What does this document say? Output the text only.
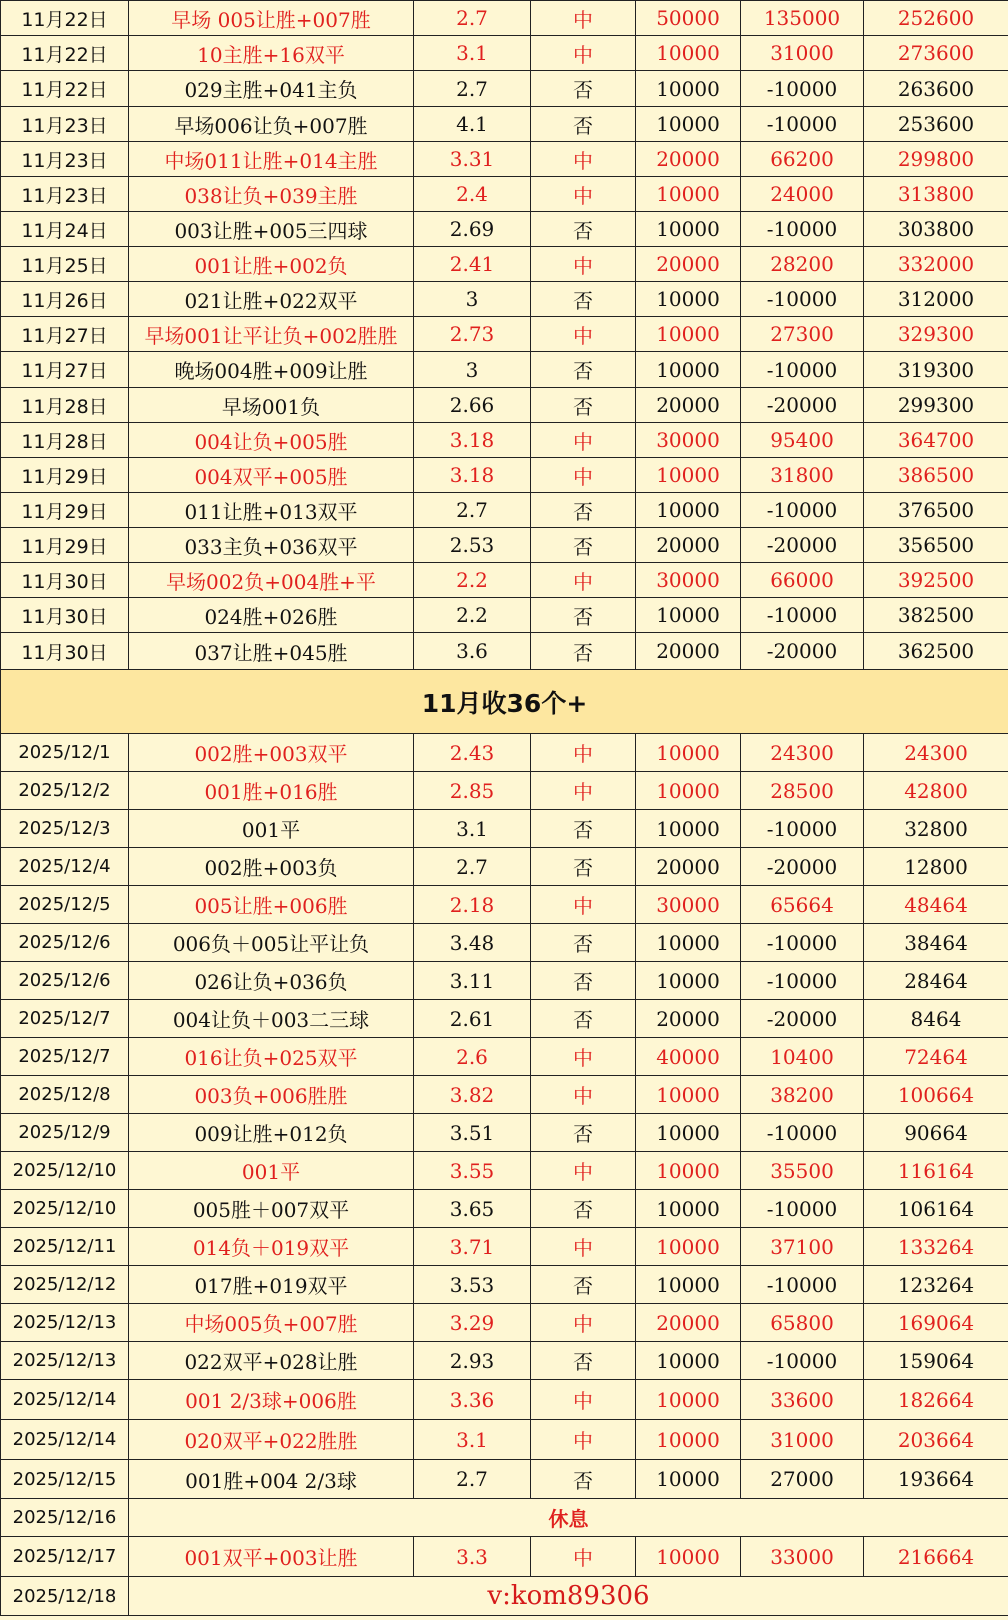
11月22日	早场 005让胜+007胜	2.7	中	50000	135000	252600
11月22日	10主胜+16双平	3.1	中	10000	31000	273600
11月22日	029主胜+041主负	2.7	否	10000	-10000	263600
11月23日	早场006让负+007胜	4.1	否	10000	-10000	253600
11月23日	中场011让胜+014主胜	3.31	中	20000	66200	299800
11月23日	038让负+039主胜	2.4	中	10000	24000	313800
11月24日	003让胜+005三四球	2.69	否	10000	-10000	303800
11月25日	001让胜+002负	2.41	中	20000	28200	332000
11月26日	021让胜+022双平	3	否	10000	-10000	312000
11月27日	早场001让平让负+002胜胜	2.73	中	10000	27300	329300
11月27日	晚场004胜+009让胜	3	否	10000	-10000	319300
11月28日	早场001负	2.66	否	20000	-20000	299300
11月28日	004让负+005胜	3.18	中	30000	95400	364700
11月29日	004双平+005胜	3.18	中	10000	31800	386500
11月29日	011让胜+013双平	2.7	否	10000	-10000	376500
11月29日	033主负+036双平	2.53	否	20000	-20000	356500
11月30日	早场002负+004胜+平	2.2	中	30000	66000	392500
11月30日	024胜+026胜	2.2	否	10000	-10000	382500
11月30日	037让胜+045胜	3.6	否	20000	-20000	362500
11月收36个+						
2025/12/1	002胜+003双平	2.43	中	10000	24300	24300
2025/12/2	001胜+016胜	2.85	中	10000	28500	42800
2025/12/3	001平	3.1	否	10000	-10000	32800
2025/12/4	002胜+003负	2.7	否	20000	-20000	12800
2025/12/5	005让胜+006胜	2.18	中	30000	65664	48464
2025/12/6	006负＋005让平让负	3.48	否	10000	-10000	38464
2025/12/6	026让负+036负	3.11	否	10000	-10000	28464
2025/12/7	004让负＋003二三球	2.61	否	20000	-20000	8464
2025/12/7	016让负+025双平	2.6	中	40000	10400	72464
2025/12/8	003负+006胜胜	3.82	中	10000	38200	100664
2025/12/9	009让胜+012负	3.51	否	10000	-10000	90664
2025/12/10	001平	3.55	中	10000	35500	116164
2025/12/10	005胜＋007双平	3.65	否	10000	-10000	106164
2025/12/11	014负＋019双平	3.71	中	10000	37100	133264
2025/12/12	017胜+019双平	3.53	否	10000	-10000	123264
2025/12/13	中场005负+007胜	3.29	中	20000	65800	169064
2025/12/13	022双平+028让胜	2.93	否	10000	-10000	159064
2025/12/14	001 2/3球+006胜	3.36	中	10000	33600	182664
2025/12/14	020双平+022胜胜	3.1	中	10000	31000	203664
2025/12/15	001胜+004 2/3球	2.7	否	10000	27000	193664
2025/12/16	休息					
2025/12/17	001双平+003让胜	3.3	中	10000	33000	216664
2025/12/18	v:kom89306					
